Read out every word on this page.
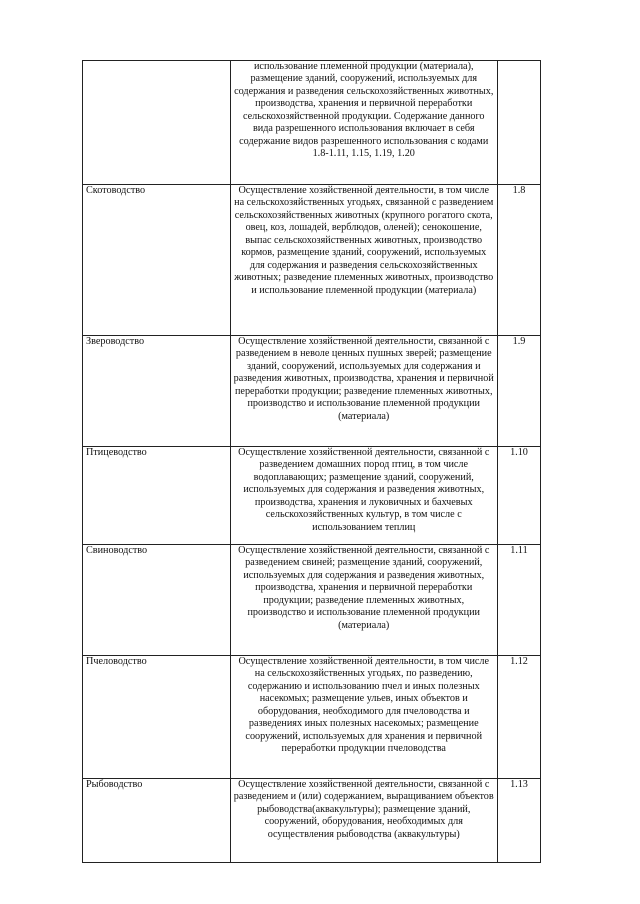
	использование племенной продукции (материала), размещение зданий, сооружений, используемых для содержания и разведения сельскохозяйственных животных, производства, хранения и первичной переработки сельскохозяйственной продукции. Содержание данного вида разрешенного использования включает в себя содержание видов разрешенного использования с кодами 1.8-1.11, 1.15, 1.19, 1.20	

Скотоводство	Осуществление хозяйственной деятельности, в том числе на сельскохозяйственных угодьях, связанной с разведением сельскохозяйственных животных (крупного рогатого скота, овец, коз, лошадей, верблюдов, оленей); сенокошение, выпас сельскохозяйственных животных, производство кормов, размещение зданий, сооружений, используемых для содержания и разведения сельскохозяйственных животных; разведение племенных животных, производство и использование племенной продукции (материала)	1.8

Звероводство	Осуществление хозяйственной деятельности, связанной с разведением в неволе ценных пушных зверей; размещение зданий, сооружений, используемых для содержания и разведения животных, производства, хранения и первичной переработки продукции; разведение племенных животных, производство и использование племенной продукции (материала)	1.9

Птицеводство	Осуществление хозяйственной деятельности, связанной с разведением домашних пород птиц, в том числе водоплавающих; размещение зданий, сооружений, используемых для содержания и разведения животных, производства, хранения и луковичных и бахчевых сельскохозяйственных культур, в том числе с использованием теплиц	1.10

Свиноводство	Осуществление хозяйственной деятельности, связанной с разведением свиней; размещение зданий, сооружений, используемых для содержания и разведения животных, производства, хранения и первичной переработки продукции; разведение племенных животных, производство и использование племенной продукции (материала)	1.11

Пчеловодство	Осуществление хозяйственной деятельности, в том числе на сельскохозяйственных угодьях, по разведению, содержанию и использованию пчел и иных полезных насекомых; размещение ульев, иных объектов и оборудования, необходимого для пчеловодства и разведениях иных полезных насекомых; размещение сооружений, используемых для хранения и первичной переработки продукции пчеловодства	1.12

Рыбоводство	Осуществление хозяйственной деятельности, связанной с разведением и (или) содержанием, выращиванием объектов рыбоводства(аквакультуры); размещение зданий, сооружений, оборудования, необходимых для осуществления рыбоводства (аквакультуры)	1.13
